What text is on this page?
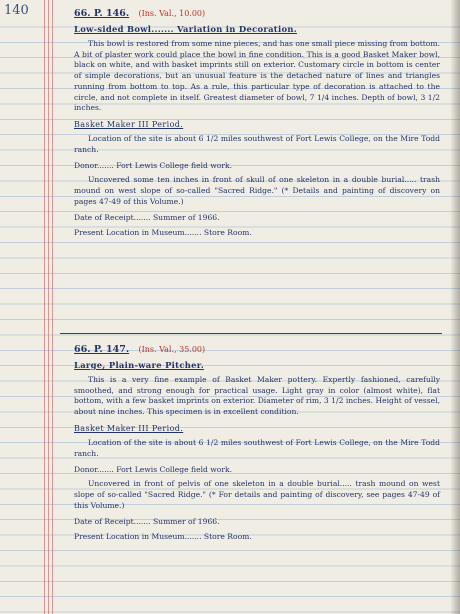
140	66. P. 146. (Ins. Val., 10.00)
Low-sided Bowl....... Variation in Decoration.
This bowl is restored from some nine pieces, and has one small piece missing from bottom. A bit of plaster work could place the bowl in fine condition. This is a good Basket Maker bowl, black on white, and with basket imprints still on exterior. Customary circle in bottom is center of simple decorations, but an unusual feature is the detached nature of lines and triangles running from bottom to top. As a rule, this particular type of decoration is attached to the circle, and not complete in itself. Greatest diameter of bowl, 7 1/4 inches. Depth of bowl, 3 1/2 inches.
Basket Maker III Period.
Location of the site is about 6 1/2 miles southwest of Fort Lewis College, on the Mire Todd ranch.
Donor....... Fort Lewis College field work.
Uncovered some ten inches in front of skull of one skeleton in a double burial..... trash mound on west slope of so-called "Sacred Ridge." (* Details and painting of discovery on pages 47-49 of this Volume.)
Date of Receipt....... Summer of 1966.
Present Location in Museum....... Store Room.
66. P. 147. (Ins. Val., 35.00)
Large, Plain-ware Pitcher.
This is a very fine example of Basket Maker pottery. Expertly fashioned, carefully smoothed, and strong enough for practical usage. Light gray in color (almost white), flat bottom, with a few basket imprints on exterior. Diameter of rim, 3 1/2 inches. Height of vessel, about nine inches. This specimen is in excellent condition.
Basket Maker III Period.
Location of the site is about 6 1/2 miles southwest of Fort Lewis College, on the Mire Todd ranch.
Donor....... Fort Lewis College field work.
Uncovered in front of pelvis of one skeleton in a double burial..... trash mound on west slope of so-called "Sacred Ridge." (* For details and painting of discovery, see pages 47-49 of this Volume.)
Date of Receipt....... Summer of 1966.
Present Location in Museum....... Store Room.
